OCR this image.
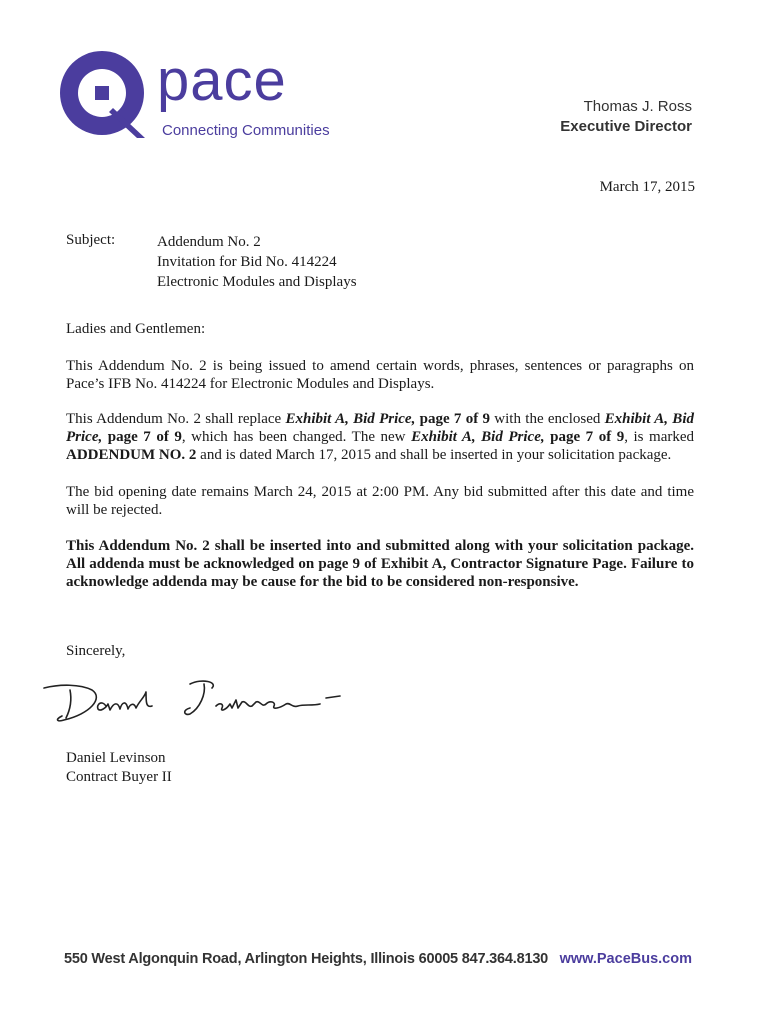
pace
Connecting Communities
Thomas J. Ross
Executive Director
March 17, 2015
Subject:	Addendum No. 2
Invitation for Bid No. 414224
Electronic Modules and Displays
Ladies and Gentlemen:
This Addendum No. 2 is being issued to amend certain words, phrases, sentences or paragraphs on Pace’s IFB No. 414224 for Electronic Modules and Displays.
This Addendum No. 2 shall replace Exhibit A, Bid Price, page 7 of 9 with the enclosed Exhibit A, Bid Price, page 7 of 9, which has been changed. The new Exhibit A, Bid Price, page 7 of 9, is marked ADDENDUM NO. 2 and is dated March 17, 2015 and shall be inserted in your solicitation package.
The bid opening date remains March 24, 2015 at 2:00 PM. Any bid submitted after this date and time will be rejected.
This Addendum No. 2 shall be inserted into and submitted along with your solicitation package. All addenda must be acknowledged on page 9 of Exhibit A, Contractor Signature Page. Failure to acknowledge addenda may be cause for the bid to be considered non-responsive.
Sincerely,
Daniel Levinson
Contract Buyer II
550 West Algonquin Road, Arlington Heights, Illinois 60005 847.364.8130 www.PaceBus.com
